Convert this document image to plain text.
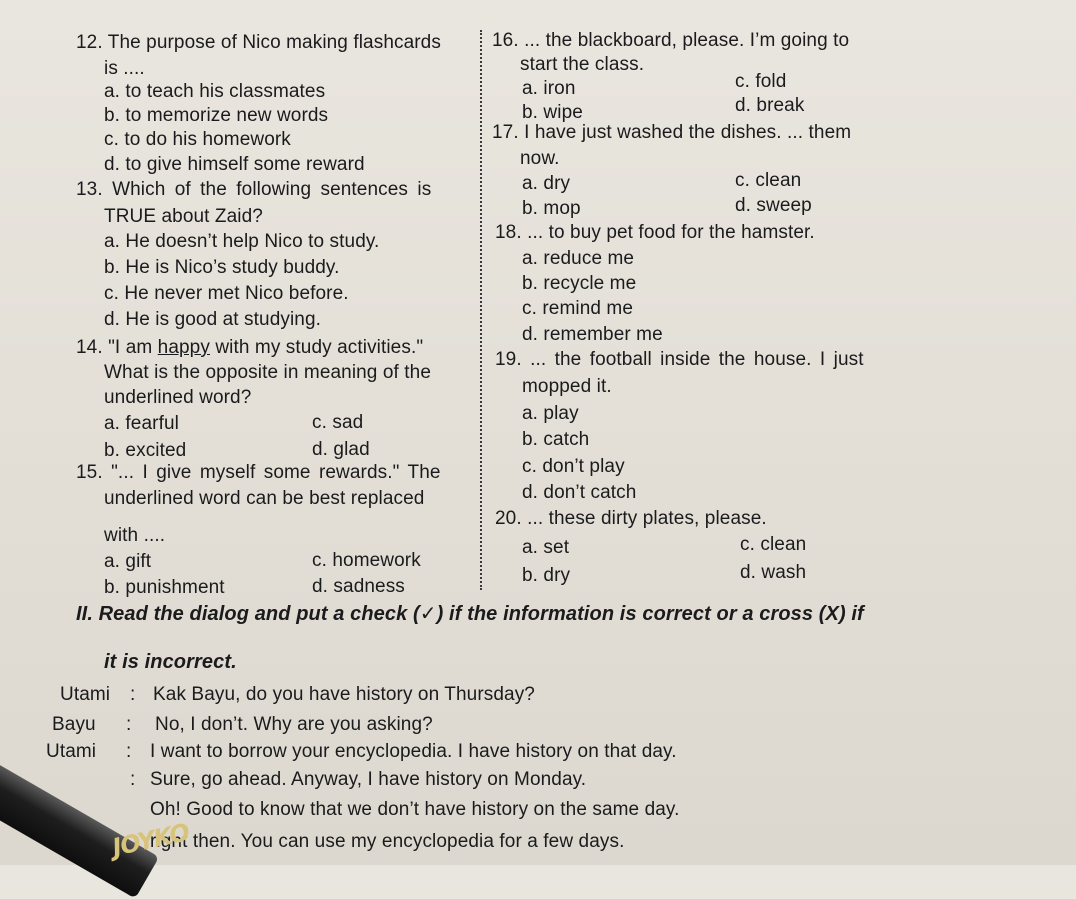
12. The purpose of Nico making flashcards
is ....
a. to teach his classmates
b. to memorize new words
c. to do his homework
d. to give himself some reward
13. Which of the following sentences is
TRUE about Zaid?
a. He doesn’t help Nico to study.
b. He is Nico’s study buddy.
c. He never met Nico before.
d. He is good at studying.
14. "I am happy with my study activities."
What is the opposite in meaning of the
underlined word?
a. fearful
b. excited
c. sad
d. glad
15. "... I give myself some rewards." The
underlined word can be best replaced
with ....
a. gift
b. punishment
c. homework
d. sadness
16. ... the blackboard, please. I’m going to
start the class.
a. iron
b. wipe
c. fold
d. break
17. I have just washed the dishes. ... them
now.
a. dry
b. mop
c. clean
d. sweep
18. ... to buy pet food for the hamster.
a. reduce me
b. recycle me
c. remind me
d. remember me
19. ... the football inside the house. I just
mopped it.
a. play
b. catch
c. don’t play
d. don’t catch
20. ... these dirty plates, please.
a. set
b. dry
c. clean
d. wash
II. Read the dialog and put a check (✓) if the information is correct or a cross (X) if
it is incorrect.
Utami : Kak Bayu, do you have history on Thursday?
Bayu : No, I don’t. Why are you asking?
Utami : I want to borrow your encyclopedia. I have history on that day.
: Sure, go ahead. Anyway, I have history on Monday.
Oh! Good to know that we don’t have history on the same day.
right then. You can use my encyclopedia for a few days.
JOYKO
